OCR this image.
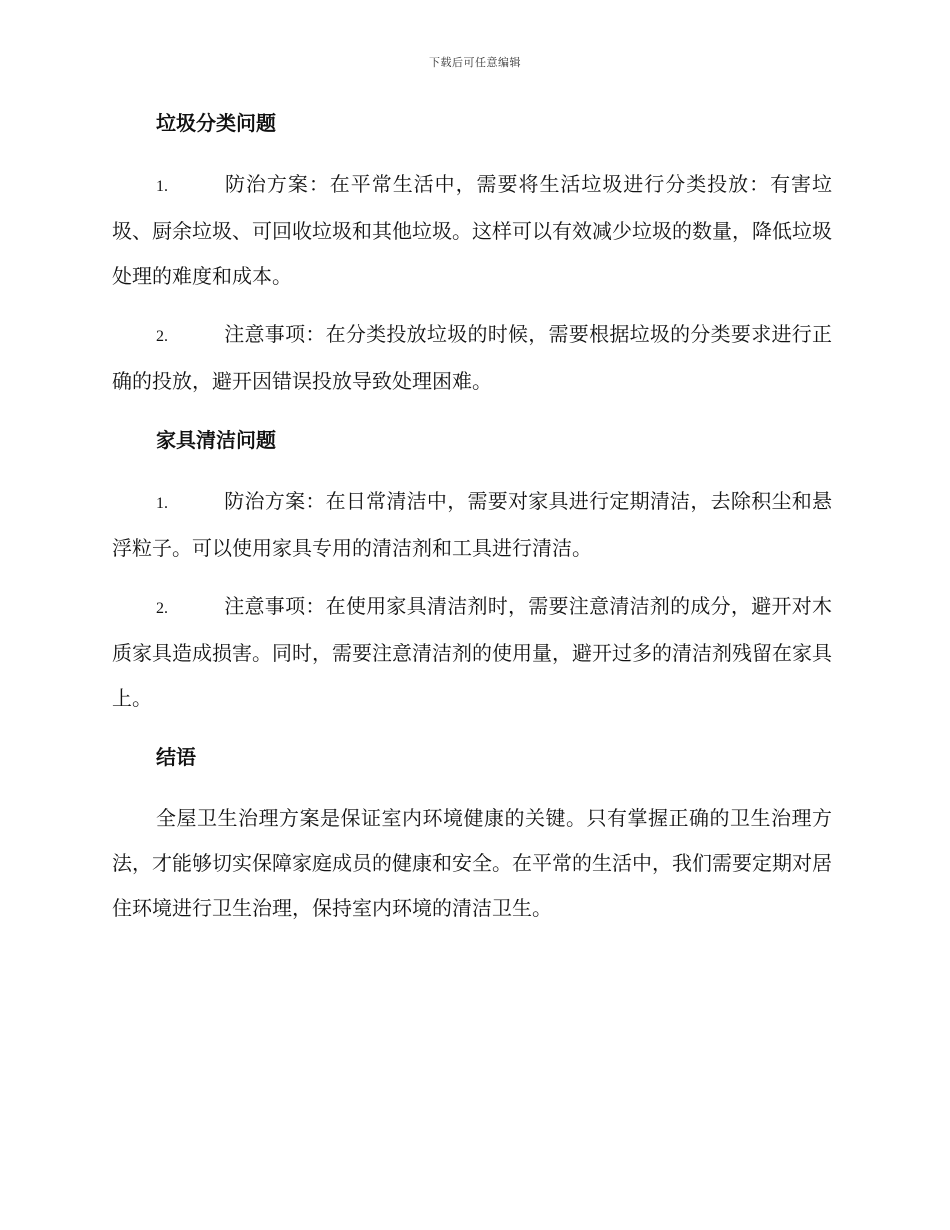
下载后可任意编辑
垃圾分类问题
1.	防治方案：在平常生活中，需要将生活垃圾进行分类投放：有害垃圾、厨余垃圾、可回收垃圾和其他垃圾。这样可以有效减少垃圾的数量，降低垃圾处理的难度和成本。
2.	注意事项：在分类投放垃圾的时候，需要根据垃圾的分类要求进行正确的投放，避开因错误投放导致处理困难。
家具清洁问题
1.	防治方案：在日常清洁中，需要对家具进行定期清洁，去除积尘和悬浮粒子。可以使用家具专用的清洁剂和工具进行清洁。
2.	注意事项：在使用家具清洁剂时，需要注意清洁剂的成分，避开对木质家具造成损害。同时，需要注意清洁剂的使用量，避开过多的清洁剂残留在家具上。
结语
全屋卫生治理方案是保证室内环境健康的关键。只有掌握正确的卫生治理方法，才能够切实保障家庭成员的健康和安全。在平常的生活中，我们需要定期对居住环境进行卫生治理，保持室内环境的清洁卫生。
